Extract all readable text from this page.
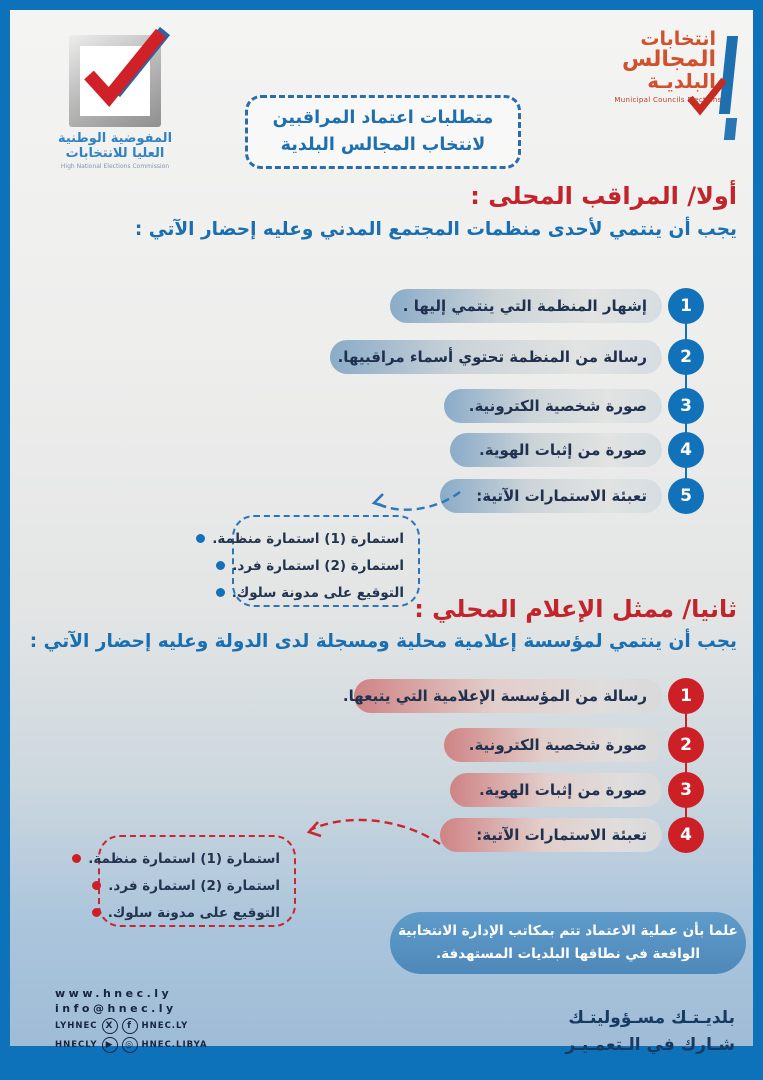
المفوضية الوطنية
العليا للانتخابات
High National Elections Commission
متطلبات اعتماد المراقبين
لانتخاب المجالس البلدية
انتخابات
المجالس
البلديـة
Municipal Councils Elections
أولا/ المراقب المحلى :
يجب أن ينتمي لأحدى منظمات المجتمع المدني وعليه إحضار الآتي :
إشهار المنظمة التي ينتمي إليها .	1
رسالة من المنظمة تحتوي أسماء مراقبيها.	2
صورة شخصية الكترونية.	3
صورة من إثبات الهوية.	4
تعبئة الاستمارات الآتية:	5
استمارة (1) استمارة منظمة.
استمارة (2) استمارة فرد.
التوقيع على مدونة سلوك.
ثانيا/ ممثل الإعلام المحلي :
يجب أن ينتمي لمؤسسة إعلامية محلية ومسجلة لدى الدولة وعليه إحضار الآتي :
رسالة من المؤسسة الإعلامية التي يتبعها.	1
صورة شخصية الكترونية.	2
صورة من إثبات الهوية.	3
تعبئة الاستمارات الآتية:	4
استمارة (1) استمارة منظمة.
استمارة (2) استمارة فرد.
التوقيع على مدونة سلوك.
علما بأن عملية الاعتماد تتم بمكاتب الإدارة الانتخابية
الواقعة في نطاقها البلديات المستهدفة.
www.hnec.ly
info@hnec.ly
LYHNEC X	f	HNEC.LY
HNECLY ▶	◎ HNEC.LIBYA
بلديـتـك مسـؤوليتـك
شـارك في الـتعمـيـر
